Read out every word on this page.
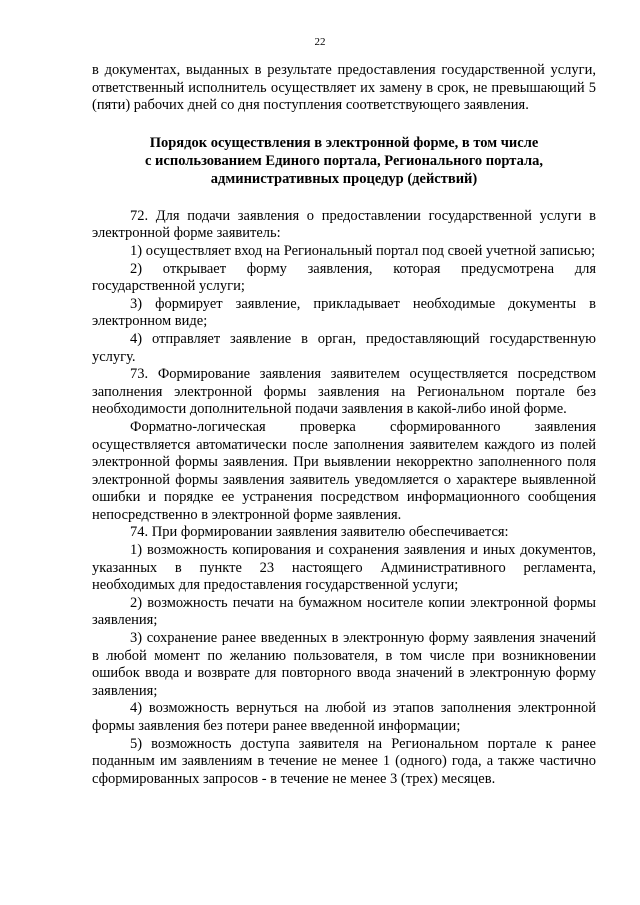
22

в документах, выданных в результате предоставления государственной услуги, ответственный исполнитель осуществляет их замену в срок, не превышающий 5 (пяти) рабочих дней со дня поступления соответствующего заявления.

Порядок осуществления в электронной форме, в том числе
с использованием Единого портала, Регионального портала,
административных процедур (действий)

72. Для подачи заявления о предоставлении государственной услуги в электронной форме заявитель:

1) осуществляет вход на Региональный портал под своей учетной записью;

2) открывает форму заявления, которая предусмотрена для государственной услуги;

3) формирует заявление, прикладывает необходимые документы в электронном виде;

4) отправляет заявление в орган, предоставляющий государственную услугу.

73. Формирование заявления заявителем осуществляется посредством заполнения электронной формы заявления на Региональном портале без необходимости дополнительной подачи заявления в какой-либо иной форме.

Форматно-логическая проверка сформированного заявления осуществляется автоматически после заполнения заявителем каждого из полей электронной формы заявления. При выявлении некорректно заполненного поля электронной формы заявления заявитель уведомляется о характере выявленной ошибки и порядке ее устранения посредством информационного сообщения непосредственно в электронной форме заявления.

74. При формировании заявления заявителю обеспечивается:

1) возможность копирования и сохранения заявления и иных документов, указанных в пункте 23 настоящего Административного регламента, необходимых для предоставления государственной услуги;

2) возможность печати на бумажном носителе копии электронной формы заявления;

3) сохранение ранее введенных в электронную форму заявления значений в любой момент по желанию пользователя, в том числе при возникновении ошибок ввода и возврате для повторного ввода значений в электронную форму заявления;

4) возможность вернуться на любой из этапов заполнения электронной формы заявления без потери ранее введенной информации;

5) возможность доступа заявителя на Региональном портале к ранее поданным им заявлениям в течение не менее 1 (одного) года, а также частично сформированных запросов - в течение не менее 3 (трех) месяцев.
